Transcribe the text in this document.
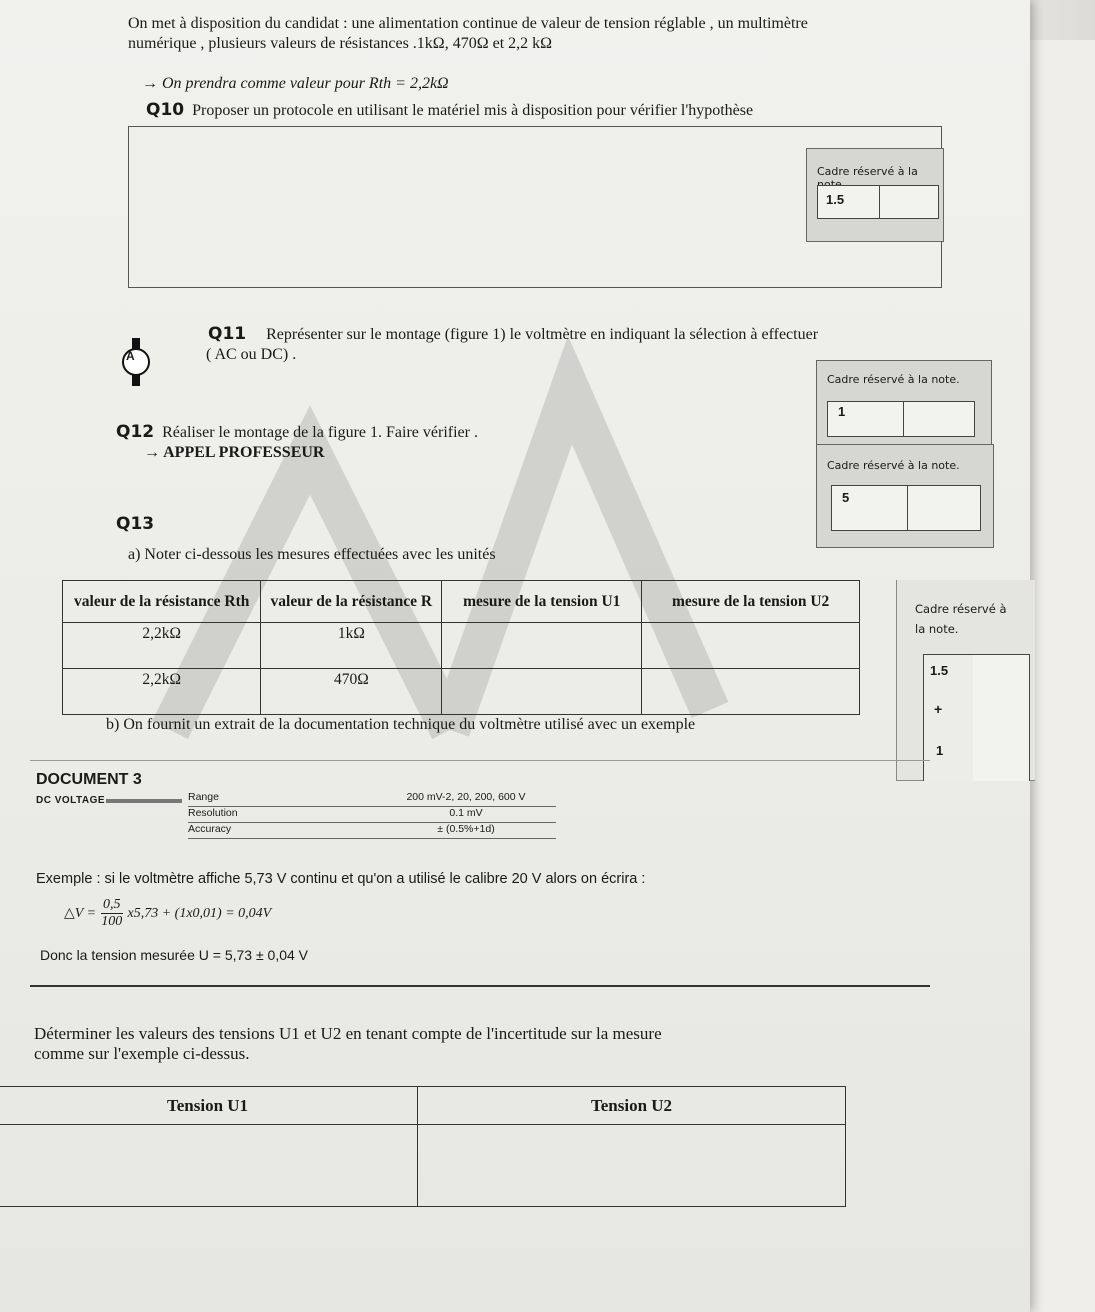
On met à disposition du candidat : une alimentation continue de valeur de tension réglable , un multimètre
numérique , plusieurs valeurs de résistances .1kΩ, 470Ω et 2,2 kΩ
→ On prendra comme valeur pour Rth = 2,2kΩ
Q10 Proposer un protocole en utilisant le matériel mis à disposition pour vérifier l'hypothèse
Cadre réservé à la
1.5
A
Q11 Représenter sur le montage (figure 1) le voltmètre en indiquant la sélection à effectuer
( AC ou DC) .
Cadre réservé à la note.
1
Q12 Réaliser le montage de la figure 1. Faire vérifier .
→ APPEL PROFESSEUR
Cadre réservé à la note.
5
Q13
a) Noter ci-dessous les mesures effectuées avec les unités
valeur de la résistance Rth	valeur de la résistance R	mesure de la tension U1	mesure de la tension U2
2,2kΩ	1kΩ		
2,2kΩ	470Ω		
Cadre réservé à
la note.
1.5
+
1
b) On fournit un extrait de la documentation technique du voltmètre utilisé avec un exemple
DOCUMENT 3
DC VOLTAGE	Range	200 mV-2, 20, 200, 600 V
Resolution	0.1 mV
Accuracy	± (0.5%+1d)
Exemple : si le voltmètre affiche 5,73 V continu et qu'on a utilisé le calibre 20 V alors on écrira :
△V = $\frac{0,5}{100} x5,73 + (1x0,01) = 0,04V$
Donc la tension mesurée U = 5,73 ± 0,04 V
Déterminer les valeurs des tensions U1 et U2 en tenant compte de l'incertitude sur la mesure
comme sur l'exemple ci-dessus.
Tension U1	Tension U2
